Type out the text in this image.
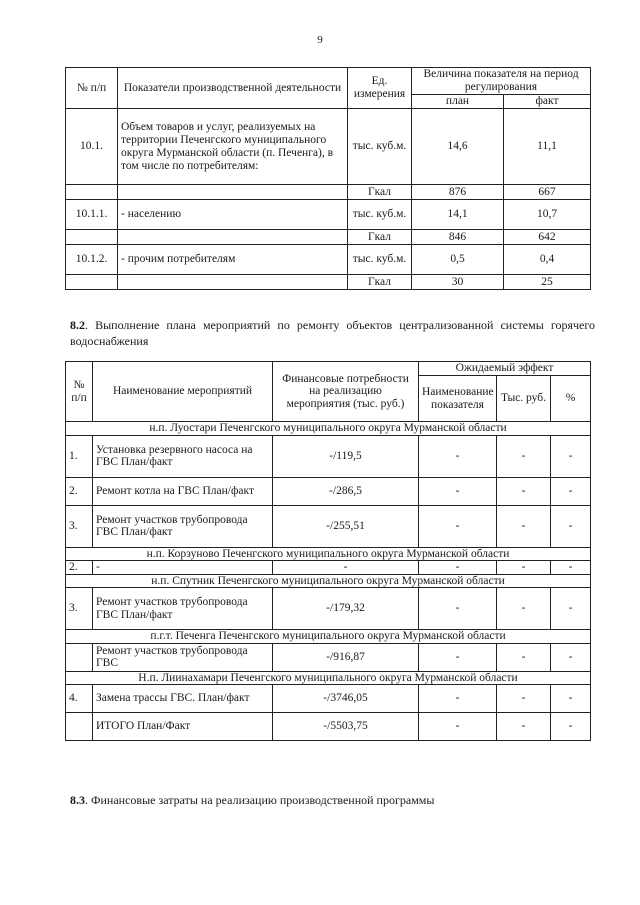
9
№ п/п	Показатели производственной деятельности	Ед. измерения	Величина показателя на период регулирования	
			план	факт
10.1.	Объем товаров и услуг, реализуемых на территории Печенгского муниципального округа Мурманской области (п. Печенга), в том числе по потребителям:	тыс. куб.м.	14,6	11,1
		Гкал	876	667
10.1.1.	- населению	тыс. куб.м.	14,1	10,7
		Гкал	846	642
10.1.2.	- прочим потребителям	тыс. куб.м.	0,5	0,4
		Гкал	30	25
8.2. Выполнение плана мероприятий по ремонту объектов централизованной системы горячего водоснабжения
№ п/п	Наименование мероприятий	Финансовые потребности на реализацию мероприятия (тыс. руб.)	Ожидаемый эффект		
			Наименование показателя	Тыс. руб.	%
н.п. Луостари Печенгского муниципального округа Мурманской области					
1.	Установка резервного насоса на ГВС План/факт	-/119,5	-	-	-
2.	Ремонт котла на ГВС План/факт	-/286,5	-	-	-
3.	Ремонт участков трубопровода ГВС План/факт	-/255,51	-	-	-
н.п. Корзуново Печенгского муниципального округа Мурманской области					
2.	-	-	-	-	-
н.п. Спутник Печенгского муниципального округа Мурманской области					
3.	Ремонт участков трубопровода ГВС План/факт	-/179,32	-	-	-
п.г.т. Печенга Печенгского муниципального округа Мурманской области					
	Ремонт участков трубопровода ГВС	-/916,87	-	-	-
Н.п. Лиинахамари Печенгского муниципального округа Мурманской области					
4.	Замена трассы ГВС. План/факт	-/3746,05	-	-	-
	ИТОГО План/Факт	-/5503,75	-	-	-
8.3. Финансовые затраты на реализацию производственной программы
